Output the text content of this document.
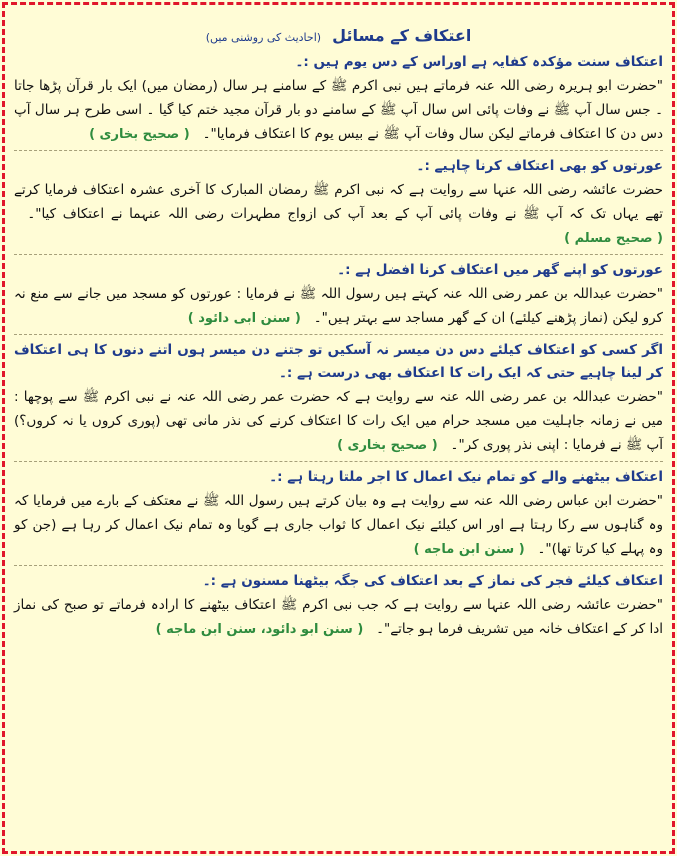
اعتکاف کے مسائل (احادیث کی روشنی میں)
اعتکاف سنت مؤکدہ کفایہ ہے اوراس کے دس یوم ہیں :۔
"حضرت ابو ہریرہ رضی اللہ عنہ فرماتے ہیں نبی اکرم ﷺ کے سامنے ہر سال (رمضان میں) ایک بار قرآن پڑھا جاتا ۔ جس سال آپ ﷺ نے وفات پائی اس سال آپ ﷺ کے سامنے دو بار قرآن مجید ختم کیا گیا ۔ اسی طرح ہر سال آپ دس دن کا اعتکاف فرماتے لیکن سال وفات آپ ﷺ نے بیس یوم کا اعتکاف فرمایا"۔   ( صحيح بخاری )
عورتوں کو بھی اعتکاف کرنا چاہیے :۔
حضرت عائشہ رضی اللہ عنہا سے روایت ہے کہ نبی اکرم ﷺ رمضان المبارک کا آخری عشرہ اعتکاف فرمایا کرتے تھے یہاں تک کہ آپ ﷺ نے وفات پائی آپ کے بعد آپ کی ازواج مطہرات رضی اللہ عنہما نے اعتکاف کیا"۔   ( صحیح مسلم )
عورتوں کو اپنے گھر میں اعتکاف کرنا افضل ہے :۔
"حضرت عبداللہ بن عمر رضی اللہ عنہ کہتے ہیں رسول اللہ ﷺ نے فرمایا : عورتوں کو مسجد میں جانے سے منع نہ کرو لیکن (نماز پڑھنے کیلئے) ان کے گھر مساجد سے بہتر ہیں"۔   ( سنن ابی دائود )
اگر کسی کو اعتکاف کیلئے دس دن میسر نہ آسکیں تو جتنے دن میسر ہوں اتنے دنوں کا ہی اعتکاف کر لینا چاہیے حتی کہ ایک رات کا اعتکاف بھی درست ہے :۔
"حضرت عبداللہ بن عمر رضی اللہ عنہ سے روایت ہے کہ حضرت عمر رضی اللہ عنہ نے نبی اکرم ﷺ سے پوچھا : میں نے زمانہ جاہلیت میں مسجد حرام میں ایک رات کا اعتکاف کرنے کی نذر مانی تھی (پوری کروں یا نہ کروں؟) آپ ﷺ نے فرمایا : اپنی نذر پوری کر"۔   ( صحيح بخاری )
اعتکاف بیٹھنے والے کو تمام نیک اعمال کا اجر ملتا رہتا ہے :۔
"حضرت ابن عباس رضی اللہ عنہ سے روایت ہے وہ بیان کرتے ہیں رسول اللہ ﷺ نے معتکف کے بارے میں فرمایا کہ وہ گناہوں سے رکا رہتا ہے اور اس کیلئے نیک اعمال کا ثواب جاری ہے گویا وہ تمام نیک اعمال کر رہا ہے (جن کو وہ پہلے کیا کرتا تھا)"۔   ( سنن ابن ماجه )
اعتکاف کیلئے فجر کی نماز کے بعد اعتکاف کی جگہ بیٹھنا مسنون ہے :۔
"حضرت عائشہ رضی اللہ عنہا سے روایت ہے کہ جب نبی اکرم ﷺ اعتکاف بیٹھنے کا ارادہ فرماتے تو صبح کی نماز ادا کر کے اعتکاف خانہ میں تشریف فرما ہو جاتے"۔   ( سنن ابو دائود، سنن ابن ماجه )
